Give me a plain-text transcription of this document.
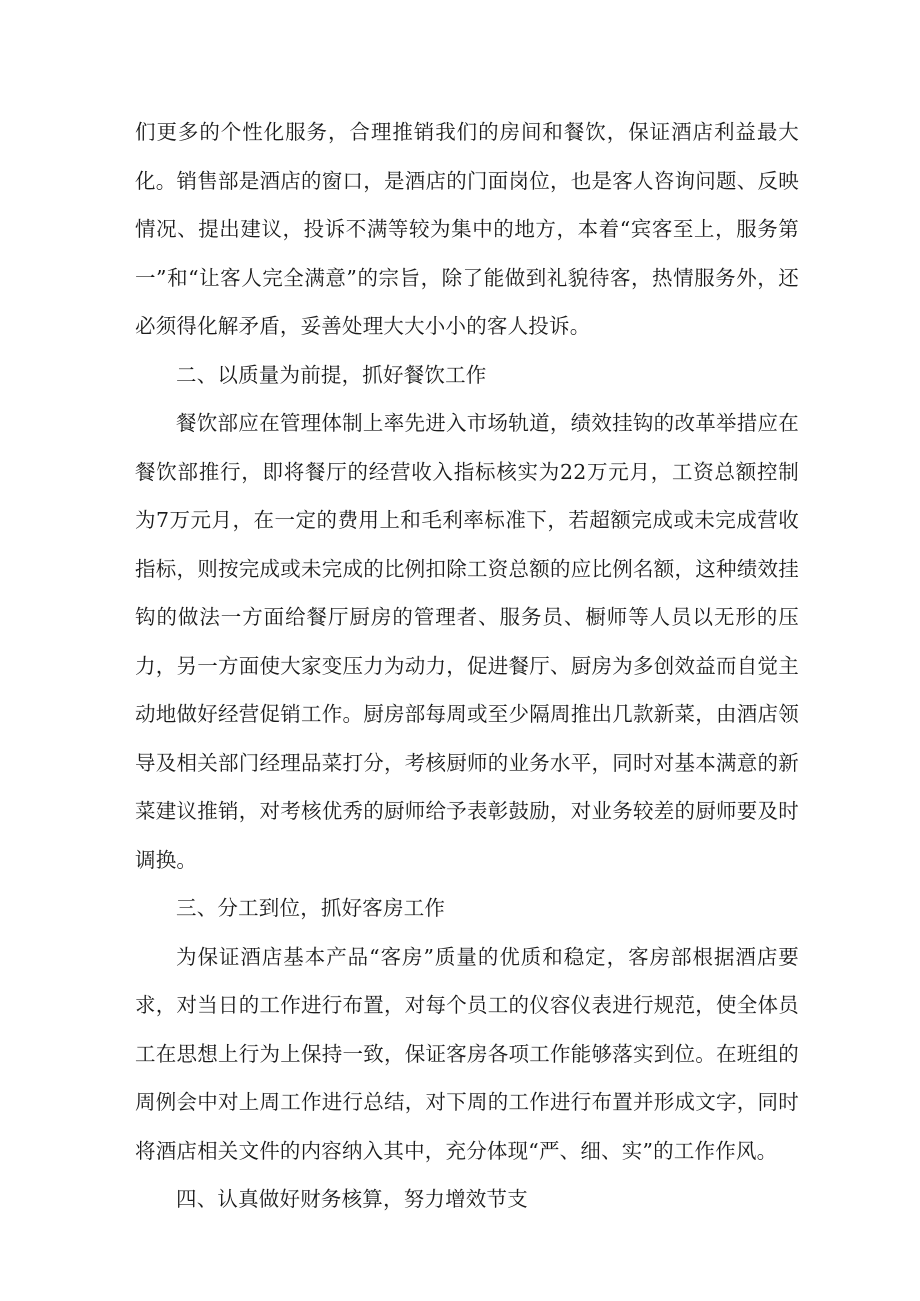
们更多的个性化服务，合理推销我们的房间和餐饮，保证酒店利益最大化。销售部是酒店的窗口，是酒店的门面岗位，也是客人咨询问题、反映情况、提出建议，投诉不满等较为集中的地方，本着“宾客至上，服务第一”和“让客人完全满意”的宗旨，除了能做到礼貌待客，热情服务外，还必须得化解矛盾，妥善处理大大小小的客人投诉。

二、以质量为前提，抓好餐饮工作

餐饮部应在管理体制上率先进入市场轨道，绩效挂钩的改革举措应在餐饮部推行，即将餐厅的经营收入指标核实为22万元月，工资总额控制为7万元月，在一定的费用上和毛利率标准下，若超额完成或未完成营收指标，则按完成或未完成的比例扣除工资总额的应比例名额，这种绩效挂钩的做法一方面给餐厅厨房的管理者、服务员、橱师等人员以无形的压力，另一方面使大家变压力为动力，促进餐厅、厨房为多创效益而自觉主动地做好经营促销工作。厨房部每周或至少隔周推出几款新菜，由酒店领导及相关部门经理品菜打分，考核厨师的业务水平，同时对基本满意的新菜建议推销，对考核优秀的厨师给予表彰鼓励，对业务较差的厨师要及时调换。

三、分工到位，抓好客房工作

为保证酒店基本产品“客房”质量的优质和稳定，客房部根据酒店要求，对当日的工作进行布置，对每个员工的仪容仪表进行规范，使全体员工在思想上行为上保持一致，保证客房各项工作能够落实到位。在班组的周例会中对上周工作进行总结，对下周的工作进行布置并形成文字，同时将酒店相关文件的内容纳入其中，充分体现“严、细、实”的工作作风。

四、认真做好财务核算，努力增效节支
